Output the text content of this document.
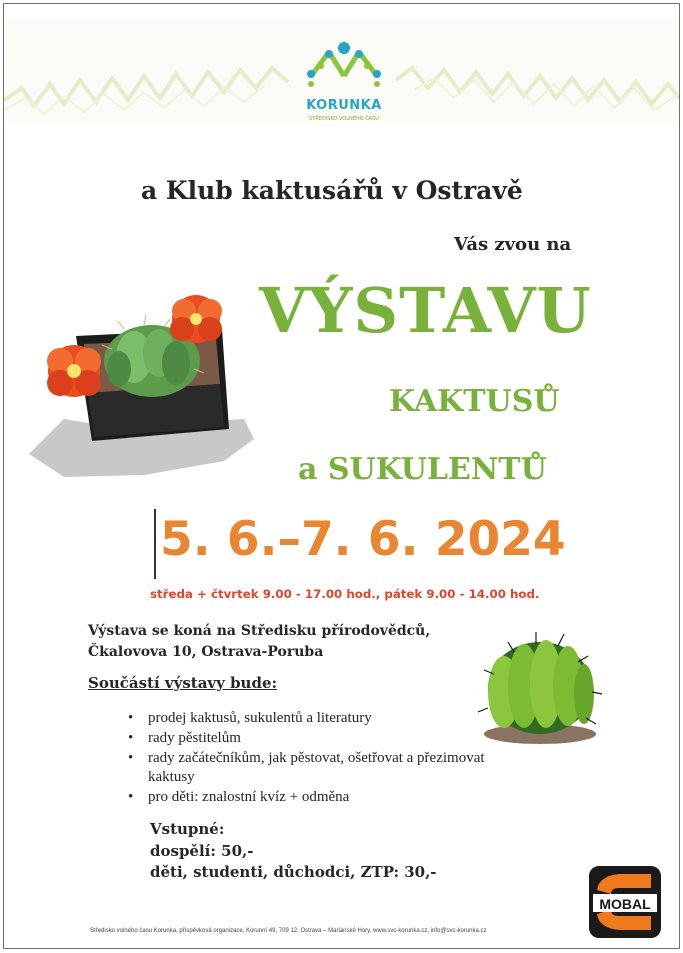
KORUNKA
STŘEDISKO VOLNÉHO ČASU
a Klub kaktusářů v Ostravě
Vás zvou na
VÝSTAVU
KAKTUSŮ
a SUKULENTŮ
5. 6.–7. 6. 2024
středa + čtvrtek 9.00 - 17.00 hod., pátek 9.00 - 14.00 hod.
Výstava se koná na Středisku přírodovědců,
Čkalovova 10, Ostrava-Poruba
Součástí výstavy bude:
• prodej kaktusů, sukulentů a literatury
• rady pěstitelům
• rady začátečníkům, jak pěstovat, ošetřovat a přezimovat kaktusy
• pro děti: znalostní kvíz + odměna
Vstupné:
dospělí: 50,-
děti, studenti, důchodci, ZTP: 30,-
MOBAL
Středisko volného času Korunka, příspěvková organizace, Korunní 49, 709 12, Ostrava – Mariánské Hory, www.svc-korunka.cz, info@svc-korunka.cz
